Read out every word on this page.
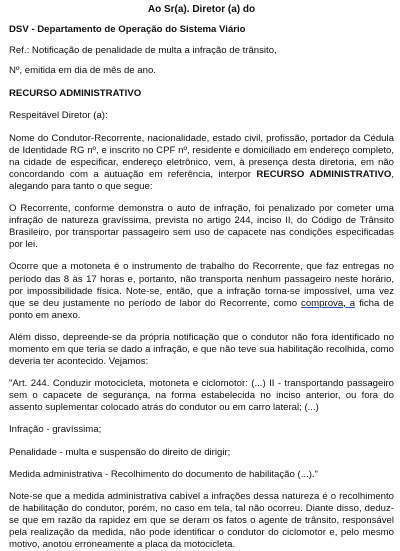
Ao Sr(a). Diretor (a) do

DSV - Departamento de Operação do Sistema Viário

Ref.: Notificação de penalidade de multa a infração de trânsito,

Nº, emitida em dia de mês de ano.

RECURSO ADMINISTRATIVO

Respeitável Diretor (a):

Nome do Condutor-Recorrente, nacionalidade, estado civil, profissão, portador da Cédula de Identidade RG nº, e inscrito no CPF nº, residente e domiciliado em endereço completo, na cidade de especificar, endereço eletrônico, vem, à presença desta diretoria, em não concordando com a autuação em referência, interpor RECURSO ADMINISTRATIVO, alegando para tanto o que segue:

O Recorrente, conforme demonstra o auto de infração, foi penalizado por cometer uma infração de natureza gravíssima, prevista no artigo 244, inciso II, do Código de Trânsito Brasileiro, por transportar passageiro sem uso de capacete nas condições especificadas por lei.

Ocorre que a motoneta é o instrumento de trabalho do Recorrente, que faz entregas no período das 8 às 17 horas e, portanto, não transporta nenhum passageiro neste horário, por impossibilidade física. Note-se, então, que a infração torna-se impossível, uma vez que se deu justamente no período de labor do Recorrente, como comprova, a ficha de ponto em anexo.

Além disso, depreende-se da própria notificação que o condutor não fora identificado no momento em que teria se dado a infração, e que não teve sua habilitação recolhida, como deveria ter acontecido. Vejamos:

"Art. 244. Conduzir motocicleta, motoneta e ciclomotor: (...) II - transportando passageiro sem o capacete de segurança, na forma estabelecida no inciso anterior, ou fora do assento suplementar colocado atrás do condutor ou em carro lateral; (...)

Infração - gravíssima;

Penalidade - multa e suspensão do direito de dirigir;

Medida administrativa - Recolhimento do documento de habilitação (...)."

Note-se que a medida administrativa cabível a infrações dessa natureza é o recolhimento de habilitação do condutor, porém, no caso em tela, tal não ocorreu. Diante disso, deduz-se que em razão da rapidez em que se deram os fatos o agente de trânsito, responsável pela realização da medida, não pode identificar o condutor do ciclomotor e, pelo mesmo motivo, anotou erroneamente a placa da motocicleta.
